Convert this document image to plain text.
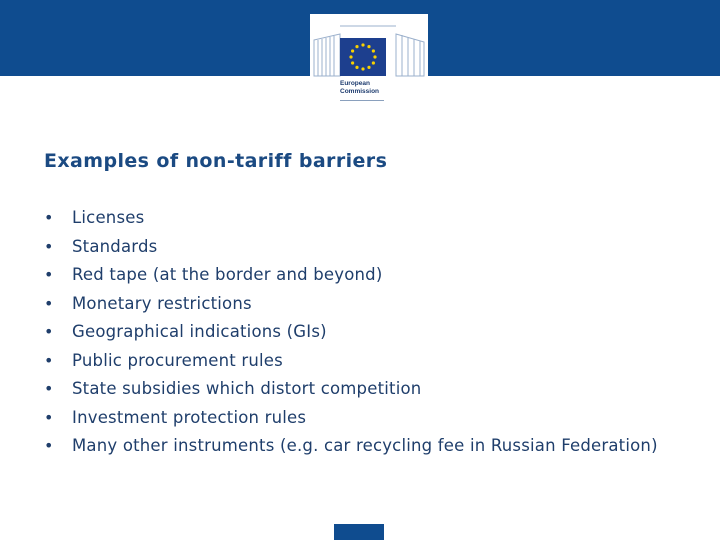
European
Commission
Examples of non-tariff barriers
• Licenses
• Standards
• Red tape (at the border and beyond)
• Monetary restrictions
• Geographical indications (GIs)
• Public procurement rules
• State subsidies which distort competition
• Investment protection rules
• Many other instruments (e.g. car recycling fee in Russian Federation)
